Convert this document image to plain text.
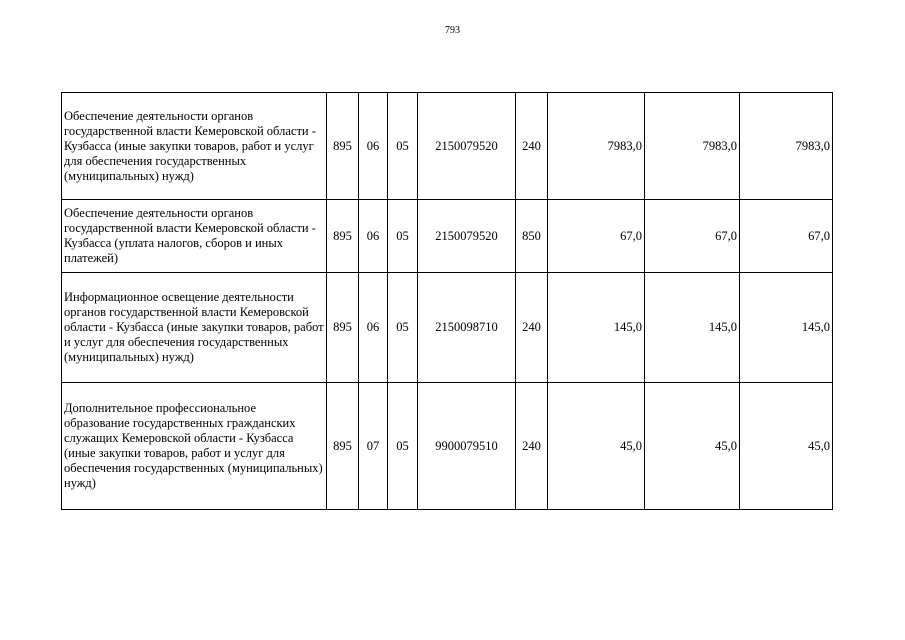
793
Обеспечение деятельности органов государственной власти Кемеровской области - Кузбасса (иные закупки товаров, работ и услуг для обеспечения государственных (муниципальных) нужд)	895	06	05	2150079520	240	7983,0	7983,0	7983,0
Обеспечение деятельности органов государственной власти Кемеровской области - Кузбасса (уплата налогов, сборов и иных платежей)	895	06	05	2150079520	850	67,0	67,0	67,0
Информационное освещение деятельности органов государственной власти Кемеровской области - Кузбасса (иные закупки товаров, работ и услуг для обеспечения государственных (муниципальных) нужд)	895	06	05	2150098710	240	145,0	145,0	145,0
Дополнительное профессиональное образование государственных гражданских служащих Кемеровской области - Кузбасса (иные закупки товаров, работ и услуг для обеспечения государственных (муниципальных) нужд)	895	07	05	9900079510	240	45,0	45,0	45,0
